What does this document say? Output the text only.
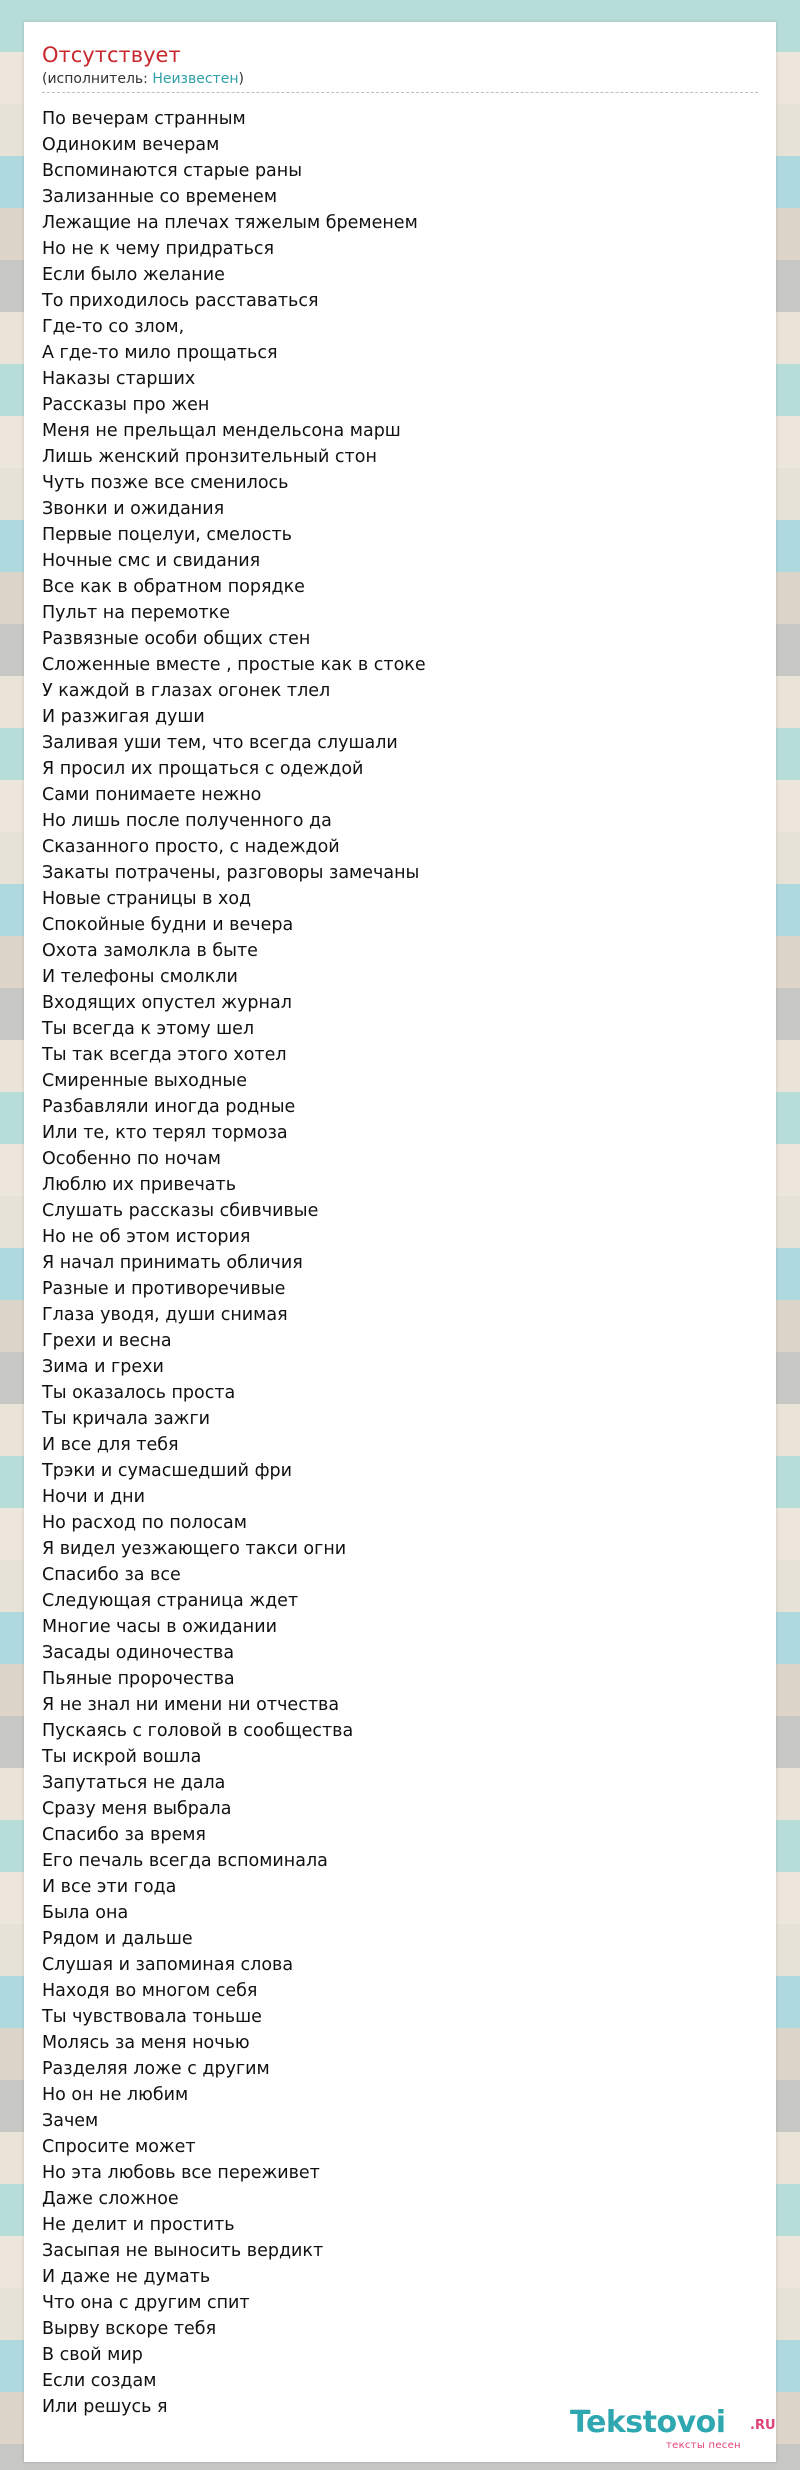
Отсутствует
(исполнитель: Неизвестен)
По вечерам странным
Одиноким вечерам
Вспоминаются старые раны
Зализанные со временем
Лежащие на плечах тяжелым бременем
Но не к чему придраться
Если было желание
То приходилось расставаться
Где-то со злом,
А где-то мило прощаться
Наказы старших
Рассказы про жен
Меня не прельщал мендельсона марш
Лишь женский пронзительный стон
Чуть позже все сменилось
Звонки и ожидания
Первые поцелуи, смелость
Ночные смс и свидания
Все как в обратном порядке
Пульт на перемотке
Развязные особи общих стен
Сложенные вместе , простые как в стоке
У каждой в глазах огонек тлел
И разжигая души
Заливая уши тем, что всегда слушали
Я просил их прощаться с одеждой
Сами понимаете нежно
Но лишь после полученного да
Сказанного просто, с надеждой
Закаты потрачены, разговоры замечаны
Новые страницы в ход
Спокойные будни и вечера
Охота замолкла в быте
И телефоны смолкли
Входящих опустел журнал
Ты всегда к этому шел
Ты так всегда этого хотел
Смиренные выходные
Разбавляли иногда родные
Или те, кто терял тормоза
Особенно по ночам
Люблю их привечать
Слушать рассказы сбивчивые
Но не об этом история
Я начал принимать обличия
Разные и противоречивые
Глаза уводя, души снимая
Грехи и весна
Зима и грехи
Ты оказалось проста
Ты кричала зажги
И все для тебя
Трэки и сумасшедший фри
Ночи и дни
Но расход по полосам
Я видел уезжающего такси огни
Спасибо за все
Следующая страница ждет
Многие часы в ожидании
Засады одиночества
Пьяные пророчества
Я не знал ни имени ни отчества
Пускаясь с головой в сообщества
Ты искрой вошла
Запутаться не дала
Сразу меня выбрала
Спасибо за время
Его печаль всегда вспоминала
И все эти года
Была она
Рядом и дальше
Слушая и запоминая слова
Находя во многом себя
Ты чувствовала тоньше
Молясь за меня ночью
Разделяя ложе с другим
Но он не любим
Зачем
Спросите может
Но эта любовь все переживет
Даже сложное
Не делит и простить
Засыпая не выносить вердикт
И даже не думать
Что она с другим спит
Вырву вскоре тебя
В свой мир
Если создам
Или решусь я	Tekstovoi .RU
тексты песен
